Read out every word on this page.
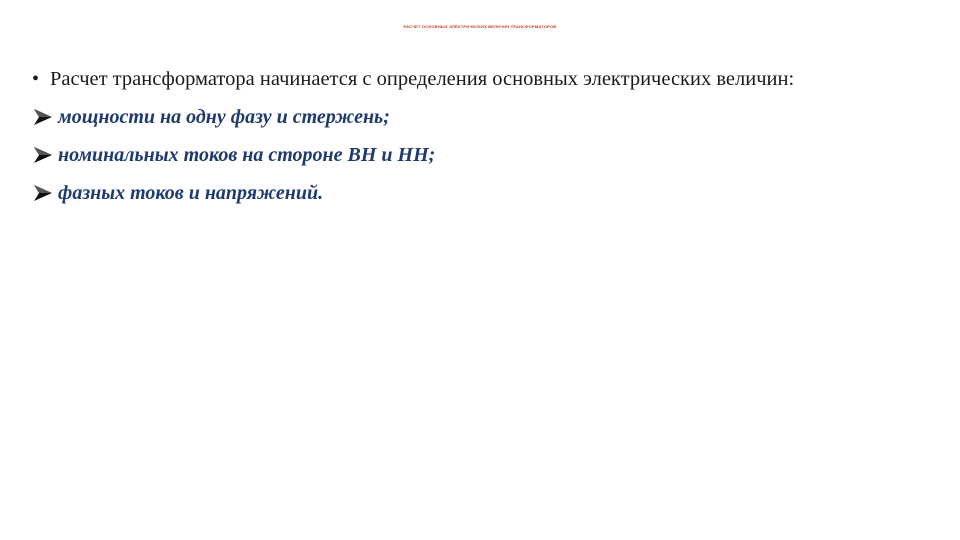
РАСЧЕТ ОСНОВНЫХ ЭЛЕКТРИЧЕСКИХ ВЕЛИЧИН ТРАНСФОРМАТОРОВ
• Расчет трансформатора начинается с определения основных электрических величин:
мощности на одну фазу и стержень;
номинальных токов на стороне ВН и НН;
фазных токов и напряжений.
